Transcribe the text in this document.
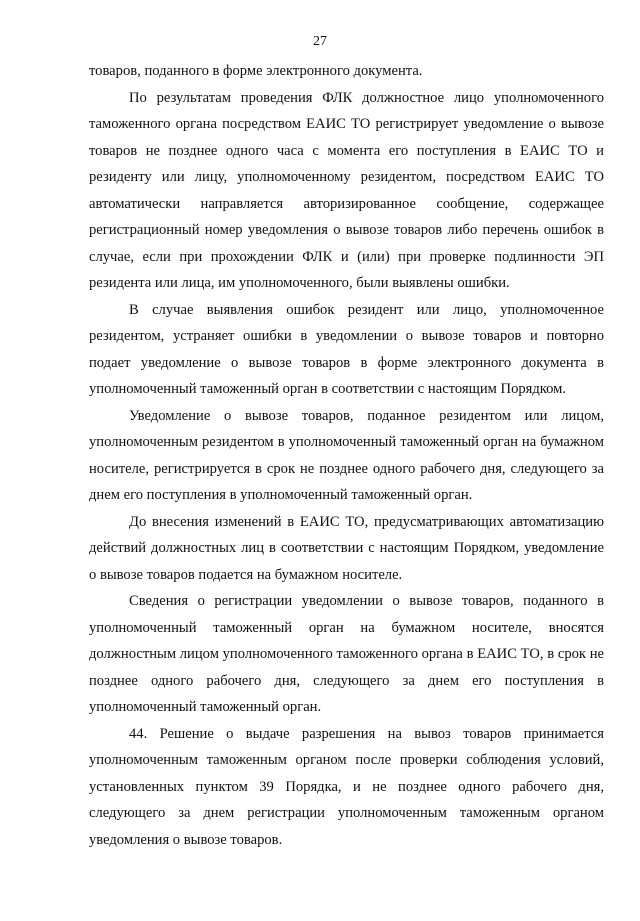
27

товаров, поданного в форме электронного документа.

По результатам проведения ФЛК должностное лицо уполномоченного таможенного органа посредством ЕАИС ТО регистрирует уведомление о вывозе товаров не позднее одного часа с момента его поступления в ЕАИС ТО и резиденту или лицу, уполномоченному резидентом, посредством ЕАИС ТО автоматически направляется авторизированное сообщение, содержащее регистрационный номер уведомления о вывозе товаров либо перечень ошибок в случае, если при прохождении ФЛК и (или) при проверке подлинности ЭП резидента или лица, им уполномоченного, были выявлены ошибки.

В случае выявления ошибок резидент или лицо, уполномоченное резидентом, устраняет ошибки в уведомлении о вывозе товаров и повторно подает уведомление о вывозе товаров в форме электронного документа в уполномоченный таможенный орган в соответствии с настоящим Порядком.

Уведомление о вывозе товаров, поданное резидентом или лицом, уполномоченным резидентом в уполномоченный таможенный орган на бумажном носителе, регистрируется в срок не позднее одного рабочего дня, следующего за днем его поступления в уполномоченный таможенный орган.

До внесения изменений в ЕАИС ТО, предусматривающих автоматизацию действий должностных лиц в соответствии с настоящим Порядком, уведомление о вывозе товаров подается на бумажном носителе.

Сведения о регистрации уведомлении о вывозе товаров, поданного в уполномоченный таможенный орган на бумажном носителе, вносятся должностным лицом уполномоченного таможенного органа в ЕАИС ТО, в срок не позднее одного рабочего дня, следующего за днем его поступления в уполномоченный таможенный орган.

44. Решение о выдаче разрешения на вывоз товаров принимается уполномоченным таможенным органом после проверки соблюдения условий, установленных пунктом 39 Порядка, и не позднее одного рабочего дня, следующего за днем регистрации уполномоченным таможенным органом уведомления о вывозе товаров.
